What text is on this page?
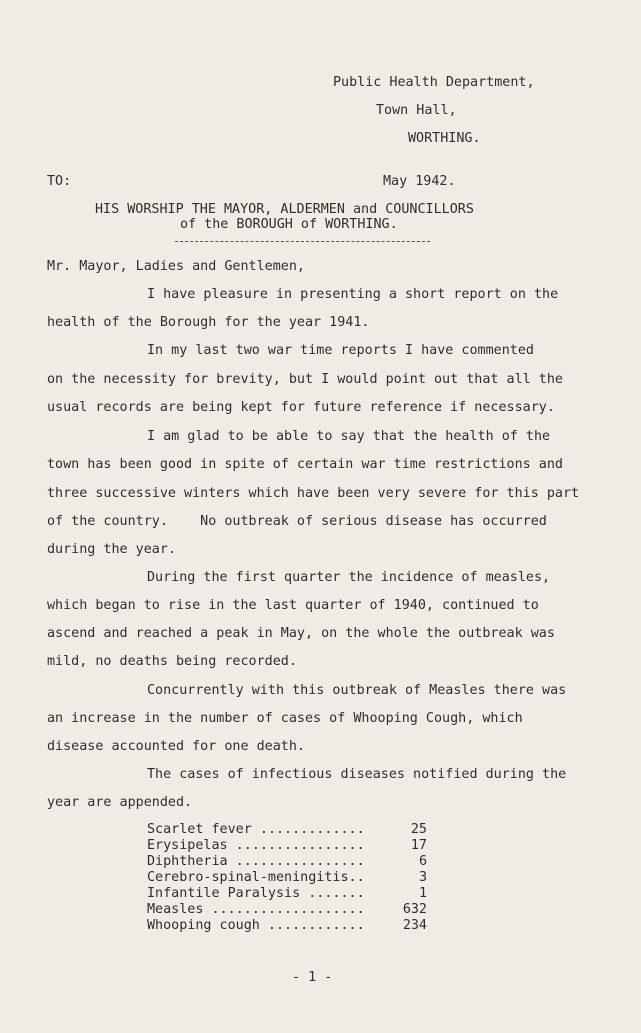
Public Health Department,
Town Hall,
WORTHING.
TO:	May 1942.
HIS WORSHIP THE MAYOR, ALDERMEN and COUNCILLORS
of the BOROUGH of WORTHING.
Mr. Mayor, Ladies and Gentlemen,
I have pleasure in presenting a short report on the
health of the Borough for the year 1941.
In my last two war time reports I have commented
on the necessity for brevity, but I would point out that all the
usual records are being kept for future reference if necessary.
I am glad to be able to say that the health of the
town has been good in spite of certain war time restrictions and
three successive winters which have been very severe for this part
of the country.    No outbreak of serious disease has occurred
during the year.
During the first quarter the incidence of measles,
which began to rise in the last quarter of 1940, continued to
ascend and reached a peak in May, on the whole the outbreak was
mild, no deaths being recorded.
Concurrently with this outbreak of Measles there was
an increase in the number of cases of Whooping Cough, which
disease accounted for one death.
The cases of infectious diseases notified during the
year are appended.
Scarlet fever .............	25
Erysipelas ................	17
Diphtheria ................	6
Cerebro-spinal-meningitis..	3
Infantile Paralysis .......	1
Measles ...................	632
Whooping cough ............	234
- 1 -
